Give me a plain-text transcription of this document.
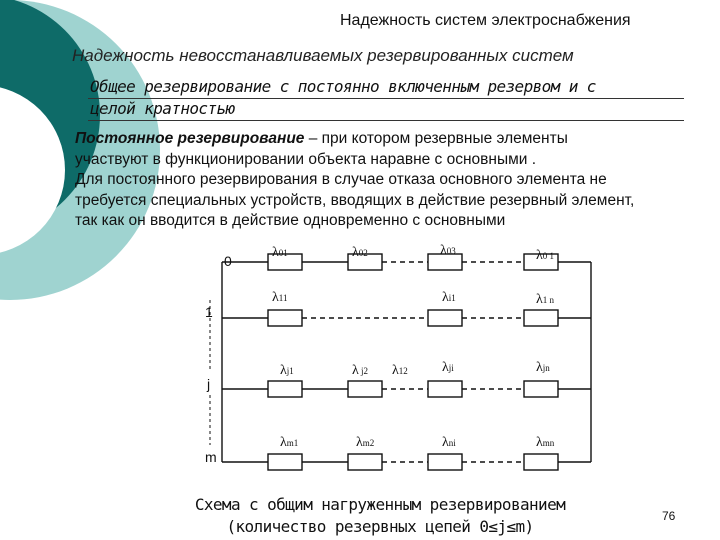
Надежность систем электроснабжения
Надежность невосстанавливаемых резервированных систем
Общее резервирование с постоянно включенным резервом и с
целой кратностью
Постоянное резервирование – при котором резервные элементы
участвуют в функционировании объекта наравне с основными .
Для постоянного резервирования в случае отказа основного элемента не
требуется специальных устройств, вводящих в действие резервный элемент,
так как он вводится в действие одновременно с основными
0
1
j
m
λ01	λ02	λ03	λ0 1
λ11	λi1	λ1 n
λj1	λ j2 λ12 λji	λjn
λm1	λm2	λni	λmn
Схема с общим нагруженным резервированием
(количество резервных цепей 0≤j≤m)
76
